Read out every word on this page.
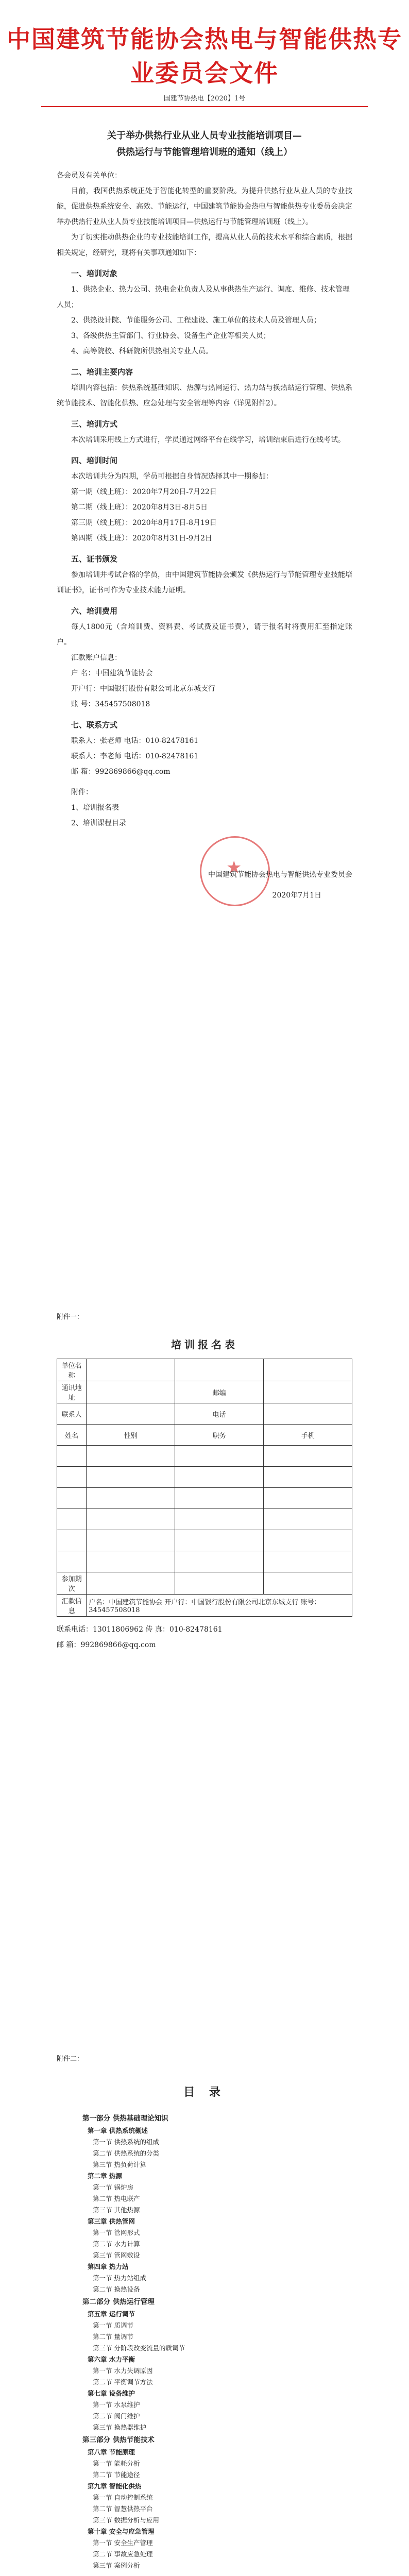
中国建筑节能协会热电与智能供热专业委员会文件
国建节协热电【2020】1号
关于举办供热行业从业人员专业技能培训项目—
供热运行与节能管理培训班的通知（线上）

各会员及有关单位：

目前，我国供热系统正处于智能化转型的重要阶段。为提升供热行业从业人员的专业技能，促进供热系统安全、高效、节能运行，中国建筑节能协会热电与智能供热专业委员会决定举办供热行业从业人员专业技能培训项目—供热运行与节能管理培训班（线上）。

为了切实推动供热企业的专业技能培训工作，提高从业人员的技术水平和综合素质，根据相关规定，经研究，现将有关事项通知如下：

一、培训对象

1、供热企业、热力公司、热电企业负责人及从事供热生产运行、调度、维修、技术管理人员；

2、供热设计院、节能服务公司、工程建设、施工单位的技术人员及管理人员；

3、各级供热主管部门、行业协会、设备生产企业等相关人员；

4、高等院校、科研院所供热相关专业人员。

二、培训主要内容

培训内容包括：供热系统基础知识、热源与热网运行、热力站与换热站运行管理、供热系统节能技术、智能化供热、应急处理与安全管理等内容（详见附件2）。

三、培训方式

本次培训采用线上方式进行，学员通过网络平台在线学习，培训结束后进行在线考试。

四、培训时间

本次培训共分为四期，学员可根据自身情况选择其中一期参加：

第一期（线上班）：2020年7月20日-7月22日

第二期（线上班）：2020年8月3日-8月5日

第三期（线上班）：2020年8月17日-8月19日

第四期（线上班）：2020年8月31日-9月2日

五、证书颁发

参加培训并考试合格的学员，由中国建筑节能协会颁发《供热运行与节能管理专业技能培训证书》，证书可作为专业技术能力证明。

六、培训费用

每人1800元（含培训费、资料费、考试费及证书费），请于报名时将费用汇至指定账户。

汇款账户信息：

户 名：中国建筑节能协会

开户行：中国银行股份有限公司北京东城支行

账 号：345457508018

七、联系方式

联系人：张老师 电话：010-82478161

联系人：李老师 电话：010-82478161

邮 箱：992869866@qq.com

附件：

1、培训报名表

2、培训课程目录

★
中国建筑节能协会热电与智能供热专业委员会
2020年7月1日
附件一：
培训报名表
单位名称			
通讯地址		邮编	
联系人		电话	
姓名	性别	职务	手机

参加期次			
汇款信息	户名：中国建筑节能协会 开户行：中国银行股份有限公司北京东城支行 账号：345457508018		

联系电话：13011806962 传 真：010-82478161

邮 箱：992869866@qq.com

附件二：
目 录
第一部分 供热基础理论知识
第一章 供热系统概述
第一节 供热系统的组成
第二节 供热系统的分类
第三节 热负荷计算
第二章 热源
第一节 锅炉房
第二节 热电联产
第三节 其他热源
第三章 供热管网
第一节 管网形式
第二节 水力计算
第三节 管网敷设
第四章 热力站
第一节 热力站组成
第二节 换热设备
第二部分 供热运行管理
第五章 运行调节
第一节 质调节
第二节 量调节
第三节 分阶段改变流量的质调节
第六章 水力平衡
第一节 水力失调原因
第二节 平衡调节方法
第七章 设备维护
第一节 水泵维护
第二节 阀门维护
第三节 换热器维护
第三部分 供热节能技术
第八章 节能原理
第一节 能耗分析
第二节 节能途径
第九章 智能化供热
第一节 自动控制系统
第二节 智慧供热平台
第三节 数据分析与应用
第十章 安全与应急管理
第一节 安全生产管理
第二节 事故应急处理
第三节 案例分析
